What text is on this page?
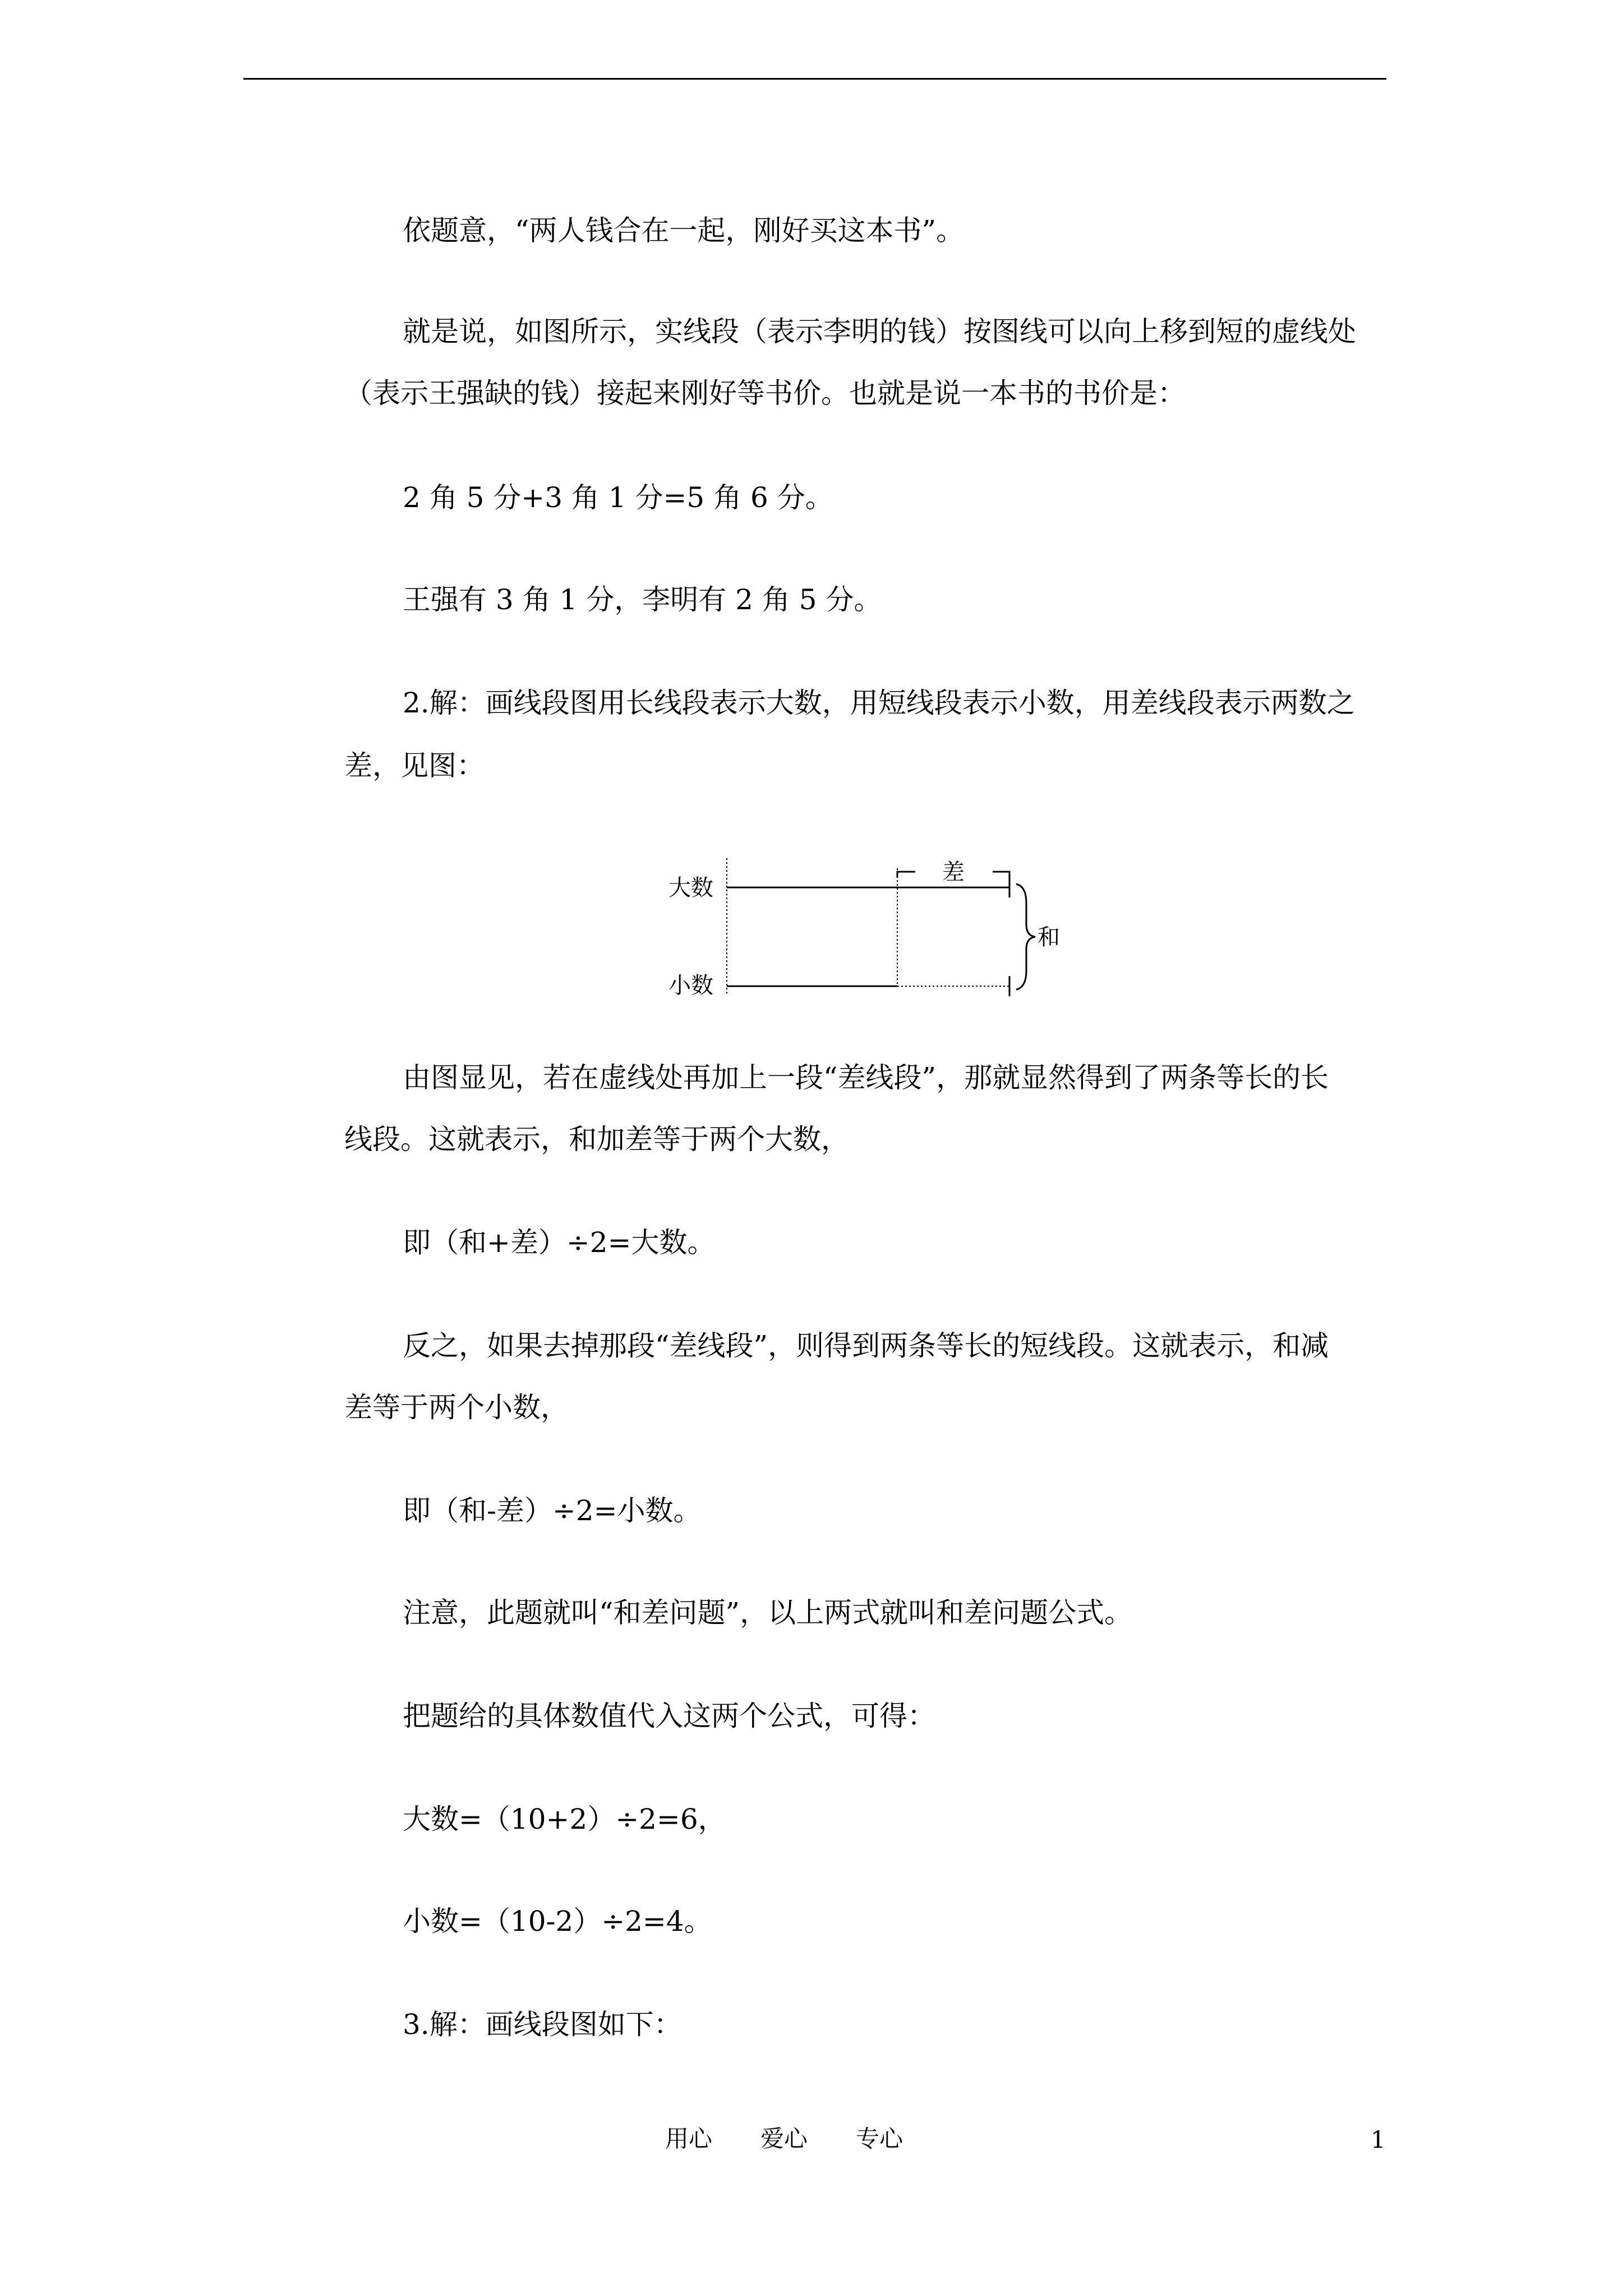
依题意，“两人钱合在一起，刚好买这本书”。
就是说，如图所示，实线段（表示李明的钱）按图线可以向上移到短的虚线处
（表示王强缺的钱）接起来刚好等书价。也就是说一本书的书价是：
2 角 5 分+3 角 1 分=5 角 6 分。
王强有 3 角 1 分，李明有 2 角 5 分。
2.解：画线段图用长线段表示大数，用短线段表示小数，用差线段表示两数之
差，见图：
由图显见，若在虚线处再加上一段“差线段”，那就显然得到了两条等长的长
线段。这就表示，和加差等于两个大数，
即（和+差）÷2=大数。
反之，如果去掉那段“差线段”，则得到两条等长的短线段。这就表示，和减
差等于两个小数，
即（和-差）÷2=小数。
注意，此题就叫“和差问题”，以上两式就叫和差问题公式。
把题给的具体数值代入这两个公式，可得：
大数=（10+2）÷2=6，
小数=（10-2）÷2=4。
3.解：画线段图如下：
大数
小数
差
和
用心 爱心 专心	1
